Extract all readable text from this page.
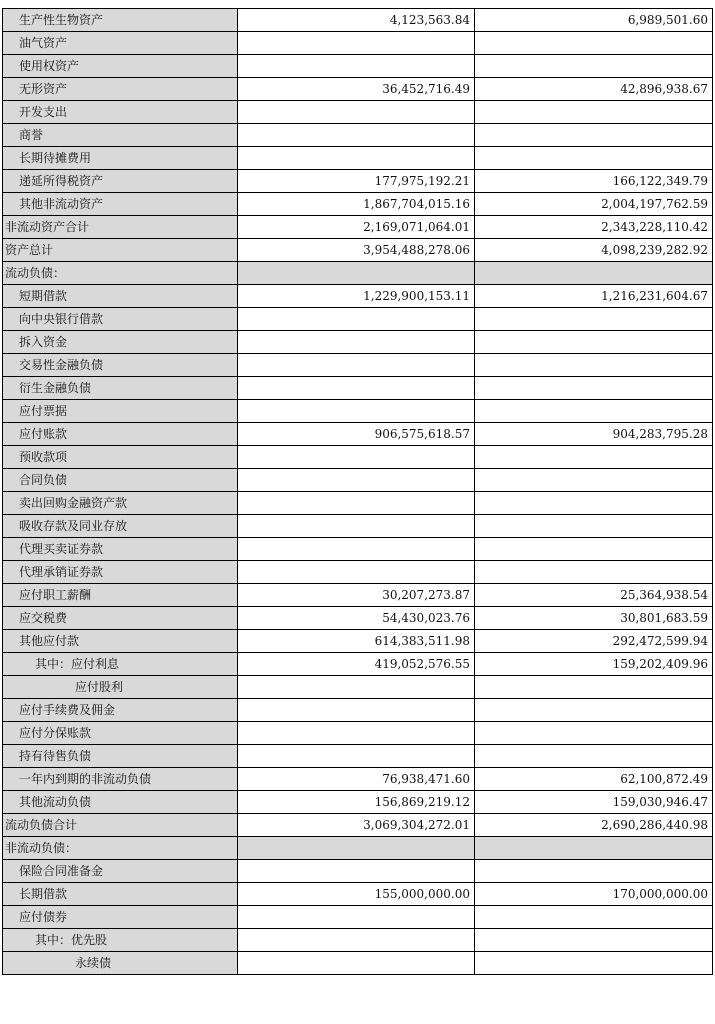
生产性生物资产	4,123,563.84	6,989,501.60
油气资产		
使用权资产		
无形资产	36,452,716.49	42,896,938.67
开发支出		
商誉		
长期待摊费用		
递延所得税资产	177,975,192.21	166,122,349.79
其他非流动资产	1,867,704,015.16	2,004,197,762.59
非流动资产合计	2,169,071,064.01	2,343,228,110.42
资产总计	3,954,488,278.06	4,098,239,282.92
流动负债：		
短期借款	1,229,900,153.11	1,216,231,604.67
向中央银行借款		
拆入资金		
交易性金融负债		
衍生金融负债		
应付票据		
应付账款	906,575,618.57	904,283,795.28
预收款项		
合同负债		
卖出回购金融资产款		
吸收存款及同业存放		
代理买卖证券款		
代理承销证券款		
应付职工薪酬	30,207,273.87	25,364,938.54
应交税费	54,430,023.76	30,801,683.59
其他应付款	614,383,511.98	292,472,599.94
其中：应付利息	419,052,576.55	159,202,409.96
应付股利		
应付手续费及佣金		
应付分保账款		
持有待售负债		
一年内到期的非流动负债	76,938,471.60	62,100,872.49
其他流动负债	156,869,219.12	159,030,946.47
流动负债合计	3,069,304,272.01	2,690,286,440.98
非流动负债：		
保险合同准备金		
长期借款	155,000,000.00	170,000,000.00
应付债券		
其中：优先股		
永续债		
